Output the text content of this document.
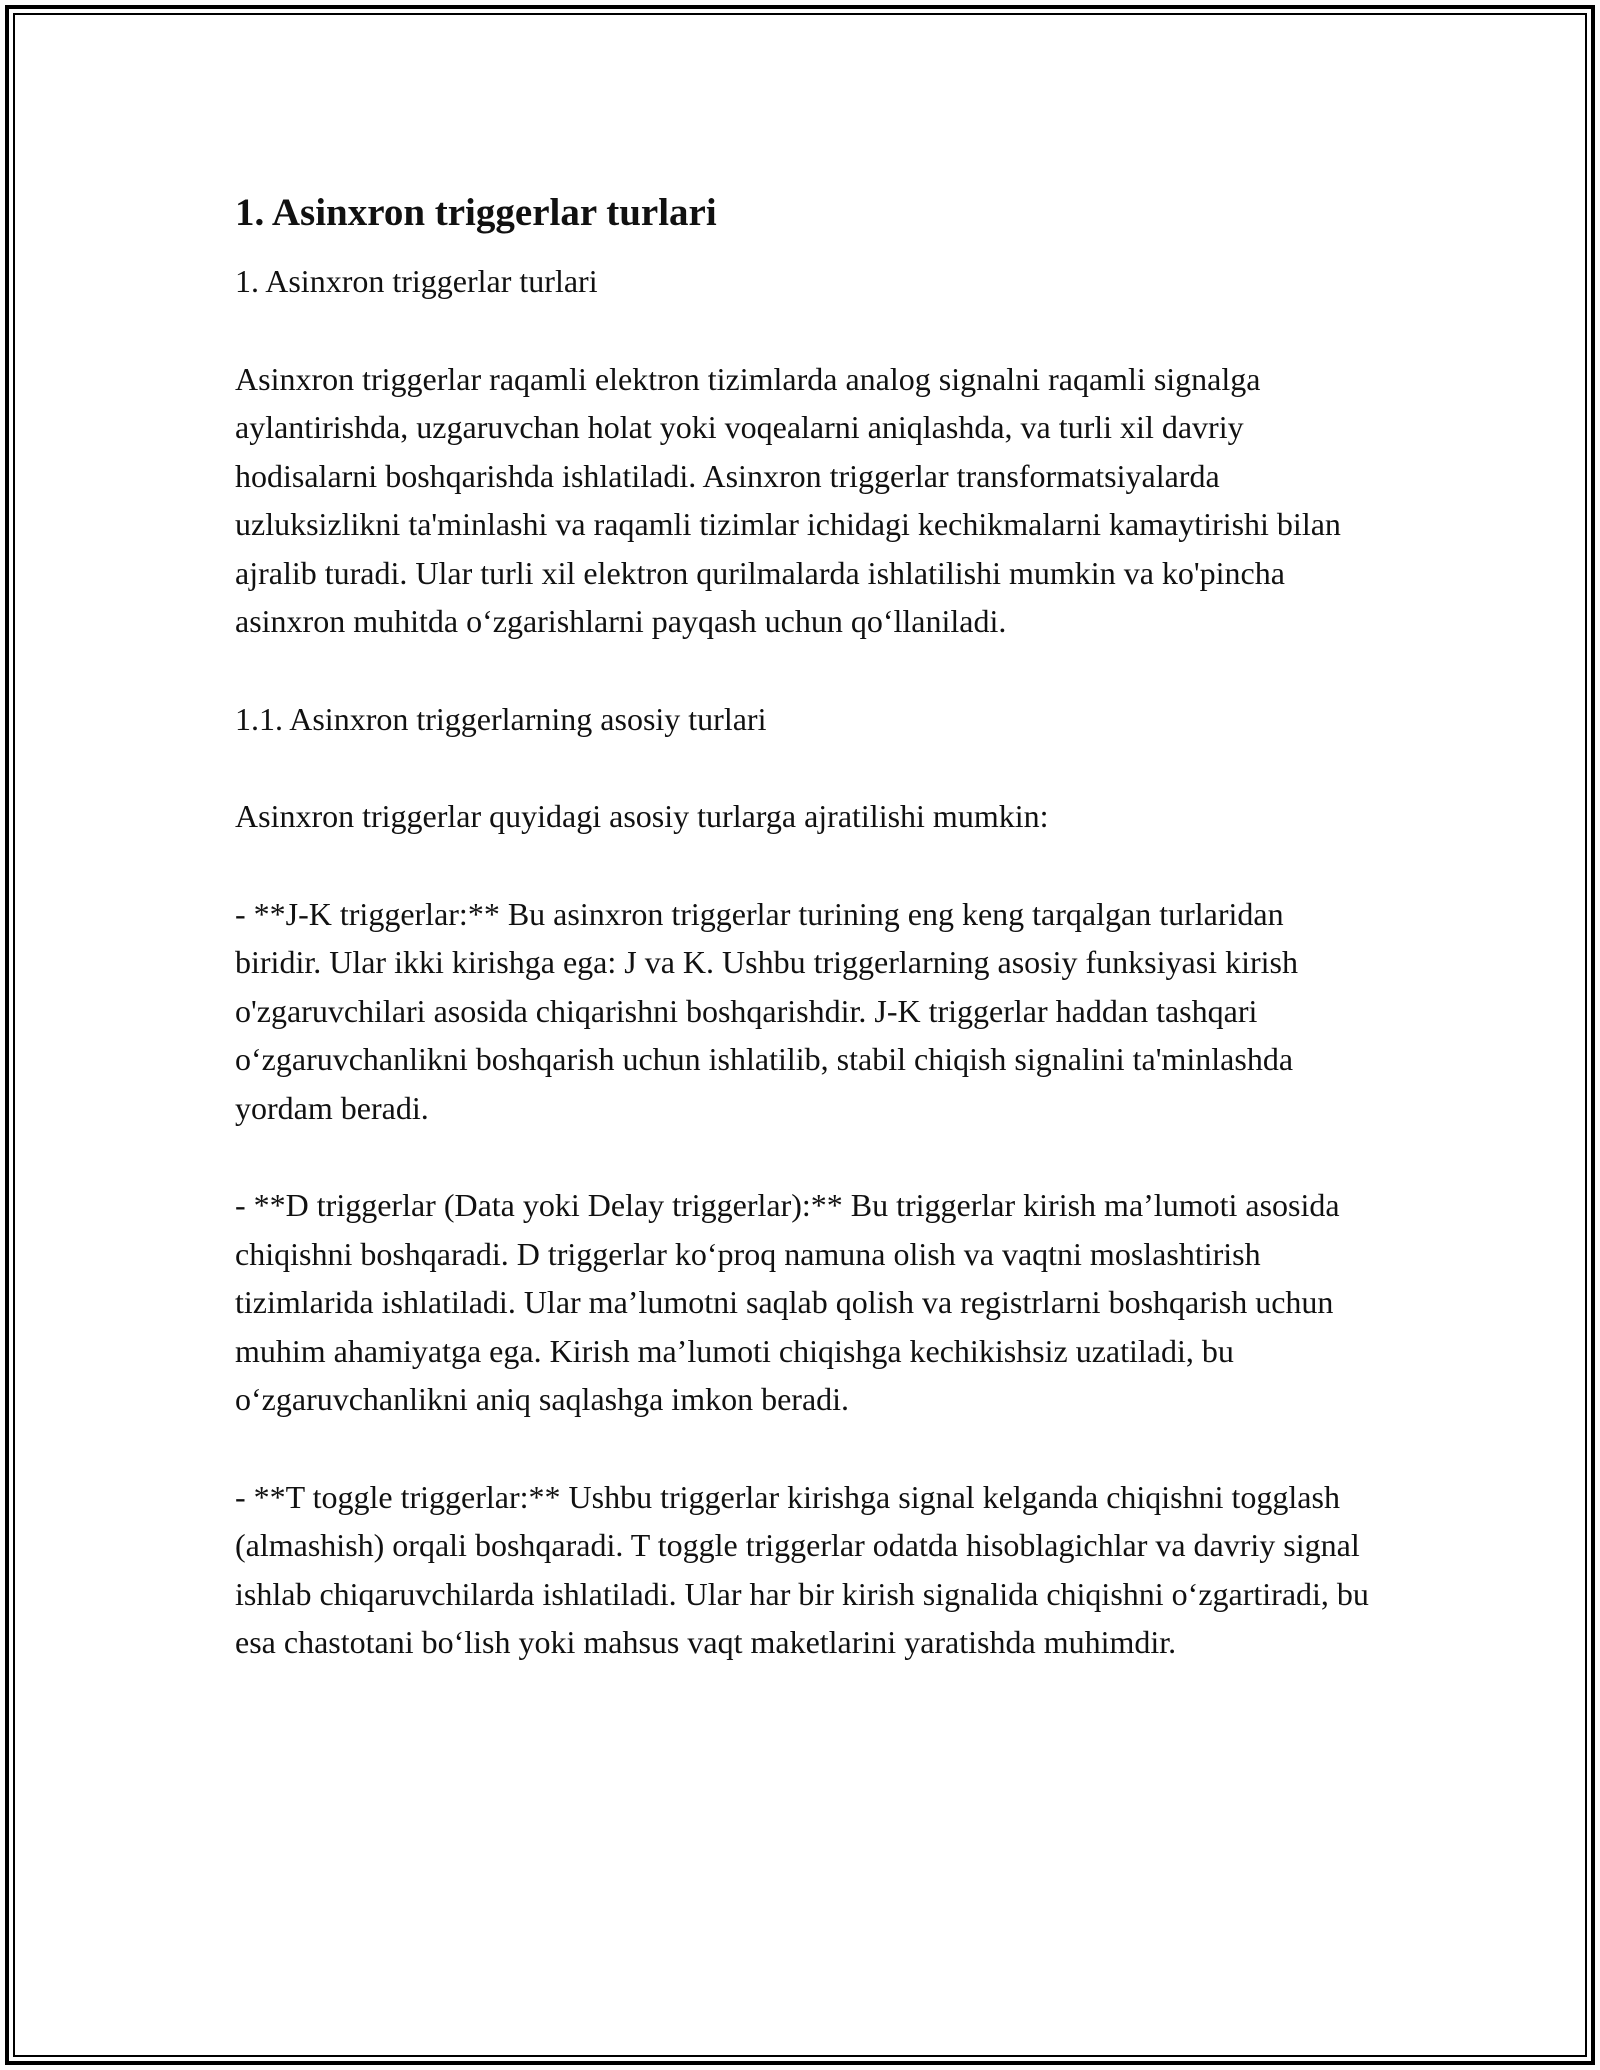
1. Asinxron triggerlar turlari

1. Asinxron triggerlar turlari

Asinxron triggerlar raqamli elektron tizimlarda analog signalni raqamli signalga aylantirishda, uzgaruvchan holat yoki voqealarni aniqlashda, va turli xil davriy hodisalarni boshqarishda ishlatiladi. Asinxron triggerlar transformatsiyalarda uzluksizlikni ta'minlashi va raqamli tizimlar ichidagi kechikmalarni kamaytirishi bilan ajralib turadi. Ular turli xil elektron qurilmalarda ishlatilishi mumkin va ko'pincha asinxron muhitda o‘zgarishlarni payqash uchun qo‘llaniladi.

1.1. Asinxron triggerlarning asosiy turlari

Asinxron triggerlar quyidagi asosiy turlarga ajratilishi mumkin:

- **J-K triggerlar:** Bu asinxron triggerlar turining eng keng tarqalgan turlaridan biridir. Ular ikki kirishga ega: J va K. Ushbu triggerlarning asosiy funksiyasi kirish o'zgaruvchilari asosida chiqarishni boshqarishdir. J-K triggerlar haddan tashqari o‘zgaruvchanlikni boshqarish uchun ishlatilib, stabil chiqish signalini ta'minlashda yordam beradi.

- **D triggerlar (Data yoki Delay triggerlar):** Bu triggerlar kirish ma’lumoti asosida chiqishni boshqaradi. D triggerlar ko‘proq namuna olish va vaqtni moslashtirish tizimlarida ishlatiladi. Ular ma’lumotni saqlab qolish va registrlarni boshqarish uchun muhim ahamiyatga ega. Kirish ma’lumoti chiqishga kechikishsiz uzatiladi, bu o‘zgaruvchanlikni aniq saqlashga imkon beradi.

- **T toggle triggerlar:** Ushbu triggerlar kirishga signal kelganda chiqishni togglash (almashish) orqali boshqaradi. T toggle triggerlar odatda hisoblagichlar va davriy signal ishlab chiqaruvchilarda ishlatiladi. Ular har bir kirish signalida chiqishni o‘zgartiradi, bu esa chastotani bo‘lish yoki mahsus vaqt maketlarini yaratishda muhimdir.
